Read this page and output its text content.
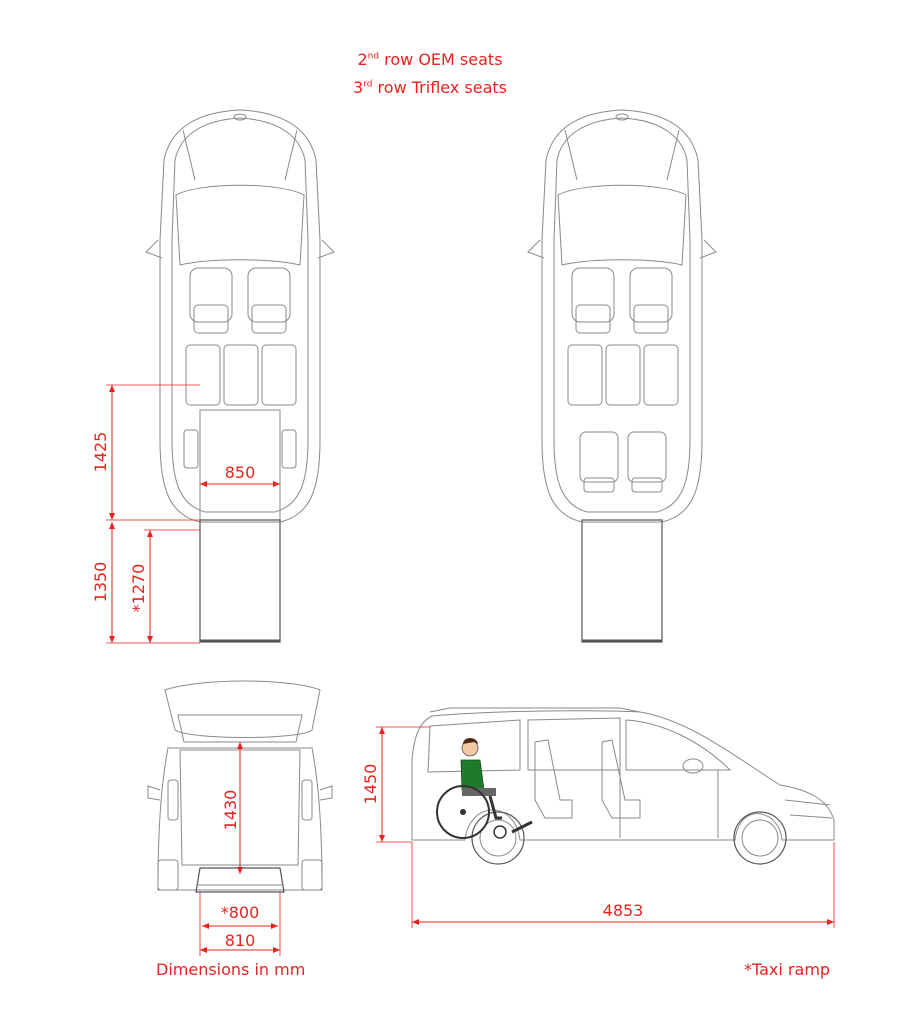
2nd row OEM seats
3rd row Triflex seats
1425
1350 *1270
850
1430
*800
810
1450
4853
Dimensions in mm	*Taxi ramp
